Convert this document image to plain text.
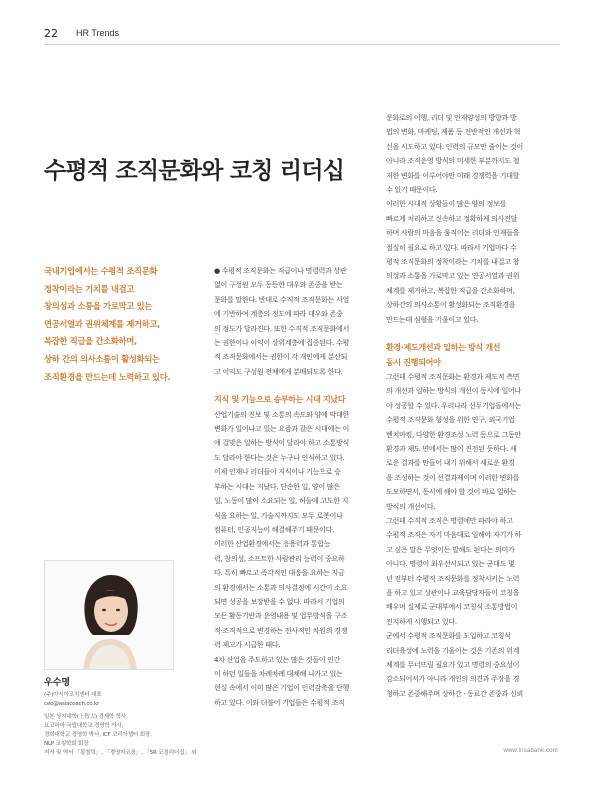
22	HR Trends
수평적 조직문화와 코칭 리더십
국내기업에서는 수평적 조직문화
정착이라는 기치를 내걸고
창의성과 소통을 가로막고 있는
연공서열과 권위체계를 제거하고,
복잡한 직급을 간소화하며,
상하 간의 의사소통이 활성화되는
조직환경을 만드는데 노력하고 있다.
우수명
(주)아시아코치센터 대표
ceo@asiacoach.co.kr
일본 상지대학(上智大) 경제학 학사,
요코하마 국립대학교 경영학 석사,
경희대학교 경영학 박사, ICF 코리아챕터 회장,
NLP 코칭학회 회장
저서 및 역서 「통찰력」, 「경영자코칭」, 「5R 코칭리더십」 외
● 수평적 조직문화는 직급이나 명령력과 상관
없이 구성원 모두 동등한 대우와 존중을 받는
문화를 말한다. 반대로 수직적 조직문화는 서열
에 기반하여 계층의 정도에 따라 대우와 존중
의 정도가 달라진다. 또한 수직적 조직문화에서
는 권한이나 이익이 상위계층에 집중된다. 수평
적 조직문화에서는 권한이 각 개인에게 분산되
고 이익도 구성원 전체에게 분배되도록 한다.
지식 및 기능으로 승부하는 시대 지났다
산업기술의 진보 및 소통의 속도와 양에 막대한
변화가 일어나고 있는 요즘과 같은 시대에는 이
에 걸맞은 일하는 방식이 달라야 하고 소통방식
도 달라야 한다는 것은 누구나 인식하고 있다.
이제 인재나 리더들이 지식이나 기능으로 승
부하는 시대는 지났다. 단순한 일, 양이 많은
일, 노동이 많이 소요되는 일, 허들에 고도한 지
식을 요하는 일, 기술직까지도 모두 로봇이나
컴퓨터, 인공지능이 해결해주기 때문이다.
이러한 산업환경에서는 응용력과 통합능
력, 창의성, 소프트한 사람관리 능력이 중요하
다. 특히 빠르고 즉각적인 대응을 요하는 지금
의 환경에서는 소통과 의사결정에 시간이 소요
되면 성공을 보장받을 수 없다. 따라서 기업의
모든 활동기반과 운영내용 및 업무방식을 구조
적·조직적으로 변경하는 전사적인 차원의 경쟁
력 제고가 시급한 때다.
4차 산업을 주도하고 있는 많은 것들이 인간
이 하던 일들을 차례차례 대체해 나가고 있는
현실 속에서 이미 많은 기업이 인력감축을 단행
하고 있다. 이와 더불어 기업들은 수평적 조직
문화로의 이행, 리더 및 인재양성의 방향과 방
법의 변화, 마케팅, 제품 등 전반적인 개선과 혁
신을 시도하고 있다. 인력의 규모만 줄이는 것이
아니라 조직운영 방식의 미세한 부분까지도 철
저한 변화를 이루어야만 미래 경쟁력을 기대할
수 있기 때문이다.
이러한 시대적 상황들이 많은 양의 정보를
빠르게 처리하고 신속하고 정확하게 의사전달
하며 사람의 마음을 움직이는 리더와 인재들을
절실히 필요로 하고 있다. 따라서 기업마다 수
평적 조직문화의 정착이라는 기치를 내걸고 창
의성과 소통을 가로막고 있는 연공서열과 권위
체계를 제거하고, 복잡한 직급을 간소화하며,
상하간의 의사소통이 활성화되는 조직환경을
만드는데 심혈을 기울이고 있다.
환경·제도개선과 일하는 방식 개선
동시 진행되어야
그런데 수평적 조직문화는 환경과 제도적 측면
의 개선과 일하는 방식의 개선이 동시에 일어나
야 성공할 수 있다. 우리나라 선두기업들에서는
수평적 조직문화 형성을 위한 연구, 외국기업
벤치마킹, 다양한 환경조성 노력 등으로 그동안
환경과 제도 면에서는 많이 진전된 듯하다. 새
로운 결과를 만들어 내기 위해서 새로운 환경
을 조성하는 것이 선결과제이며 이러한 변화를
도모하면서, 동시에 해야 할 것이 바로 일하는
방식의 개선이다.
그런데 수직적 조직은 명령에만 따라야 하고
수평적 조직은 자기 마음대로 일해야 자기가 하
고 싶은 말은 무엇이든 말해도 된다는 의미가
아니다. 명령이 최우선시되고 있는 군대도 몇
년 전부터 수평적 조직문화를 정착시키는 노력
을 하고 있고 상관이나 교육담당자들이 코칭을
배우며 실제로 군대부에서 코칭식 소통방법이
진지하게 시행되고 있다.
군에서 수평적 조직문화를 도입하고 코칭식
리더육성에 노력을 기울이는 것은 기존의 위계
체계를 무너뜨릴 필요가 있고 명령의 중요성이
감소되어서가 아니라 개인의 의견과 주장을 경
청하고 존중해주며 상하간 · 동료간 존중과 신뢰
www.insabank.com
